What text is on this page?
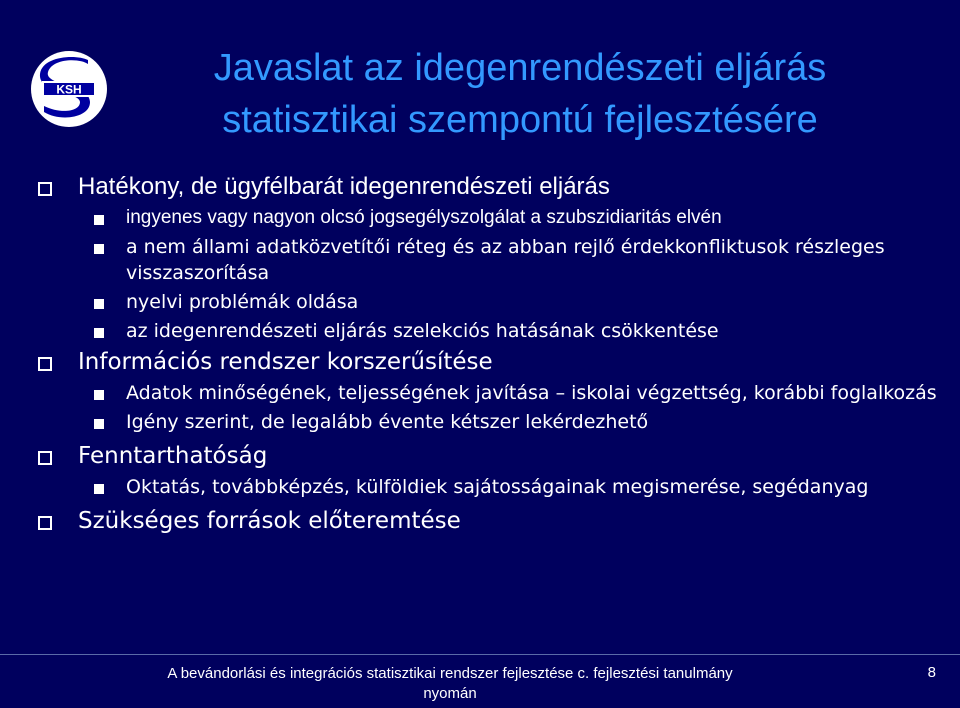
KSH
Javaslat az idegenrendészeti eljárás
statisztikai szempontú fejlesztésére
Hatékony, de ügyfélbarát idegenrendészeti eljárás
ingyenes vagy nagyon olcsó jogsegélyszolgálat a szubszidiaritás elvén
a nem állami adatközvetítői réteg és az abban rejlő érdekkonfliktusok részleges visszaszorítása
nyelvi problémák oldása
az idegenrendészeti eljárás szelekciós hatásának csökkentése
Információs rendszer korszerűsítése
Adatok minőségének, teljességének javítása – iskolai végzettség, korábbi foglalkozás
Igény szerint, de legalább évente kétszer lekérdezhető
Fenntarthatóság
Oktatás, továbbképzés, külföldiek sajátosságainak megismerése, segédanyag
Szükséges források előteremtése
A bevándorlási és integrációs statisztikai rendszer fejlesztése c. fejlesztési tanulmány nyomán
8
